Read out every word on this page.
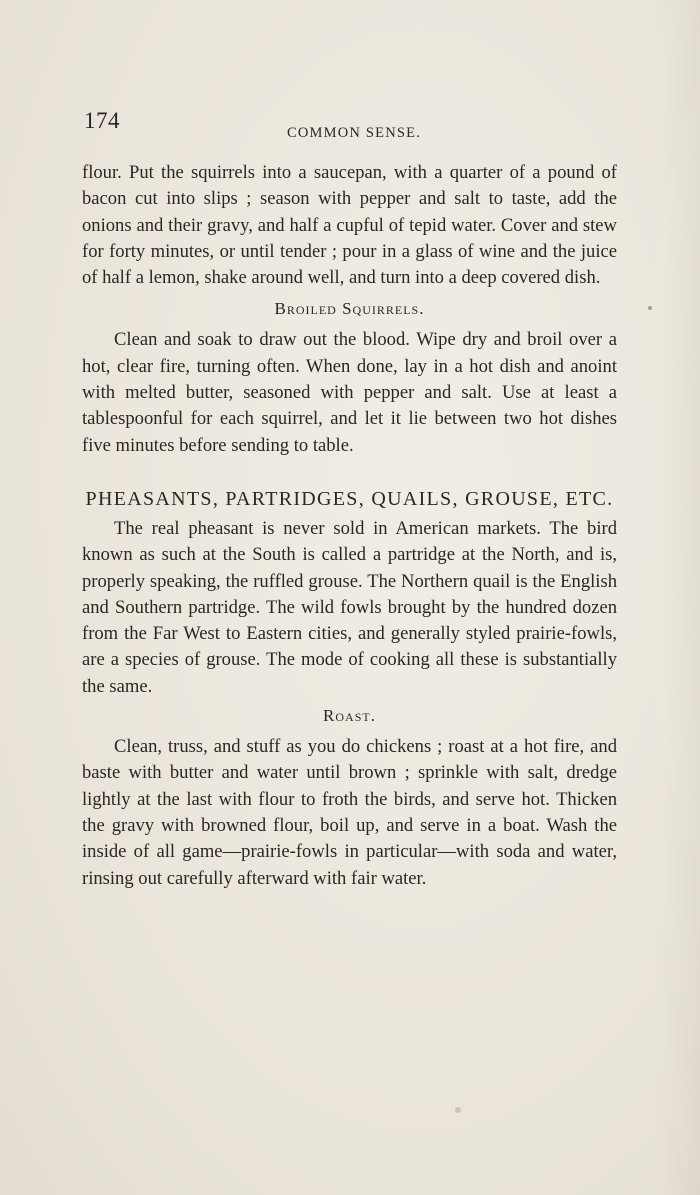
174	COMMON SENSE.

flour. Put the squirrels into a saucepan, with a quarter of a pound of bacon cut into slips ; season with pepper and salt to taste, add the onions and their gravy, and half a cupful of tepid water. Cover and stew for forty minutes, or until tender ; pour in a glass of wine and the juice of half a lemon, shake around well, and turn into a deep covered dish.

Broiled Squirrels.

Clean and soak to draw out the blood. Wipe dry and broil over a hot, clear fire, turning often. When done, lay in a hot dish and anoint with melted butter, seasoned with pepper and salt. Use at least a tablespoonful for each squirrel, and let it lie between two hot dishes five minutes before sending to table.

PHEASANTS, PARTRIDGES, QUAILS, GROUSE, ETC.

The real pheasant is never sold in American markets. The bird known as such at the South is called a partridge at the North, and is, properly speaking, the ruffled grouse. The Northern quail is the English and Southern partridge. The wild fowls brought by the hundred dozen from the Far West to Eastern cities, and generally styled prairie-fowls, are a species of grouse. The mode of cooking all these is substantially the same.

Roast.

Clean, truss, and stuff as you do chickens ; roast at a hot fire, and baste with butter and water until brown ; sprinkle with salt, dredge lightly at the last with flour to froth the birds, and serve hot. Thicken the gravy with browned flour, boil up, and serve in a boat. Wash the inside of all game—prairie-fowls in particular—with soda and water, rinsing out carefully afterward with fair water.
